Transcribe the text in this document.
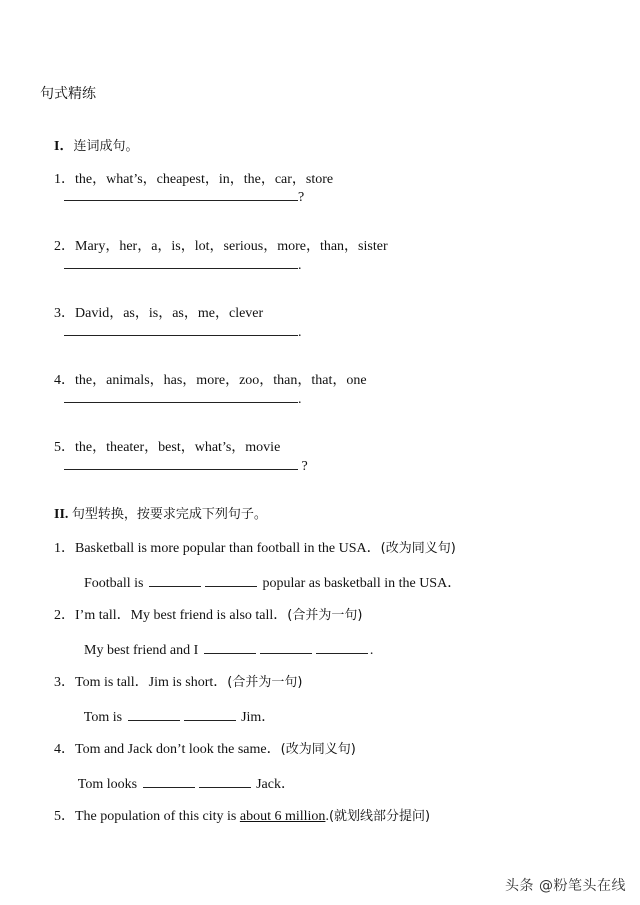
句式精练

I．连词成句。

1．the，what’s，cheapest，in，the，car，store

?

2．Mary，her，a，is，lot，serious，more，than，sister

.

3．David，as，is，as，me，clever

.

4．the，animals，has，more，zoo，than，that，one

.

5．the，theater，best，what’s，movie

?

II. 句型转换，按要求完成下列句子。

1．Basketball is more popular than football in the USA．(改为同义句)

Football is	popular as basketball in the USA．

2．I’m tall．My best friend is also tall．(合并为一句)

My best friend and I	.

3．Tom is tall．Jim is short．(合并为一句)

Tom is	Jim．

4．Tom and Jack don’t look the same．(改为同义句)

Tom looks	Jack．

5．The population of this city is about 6 million.(就划线部分提问)

头条 @粉笔头在线
